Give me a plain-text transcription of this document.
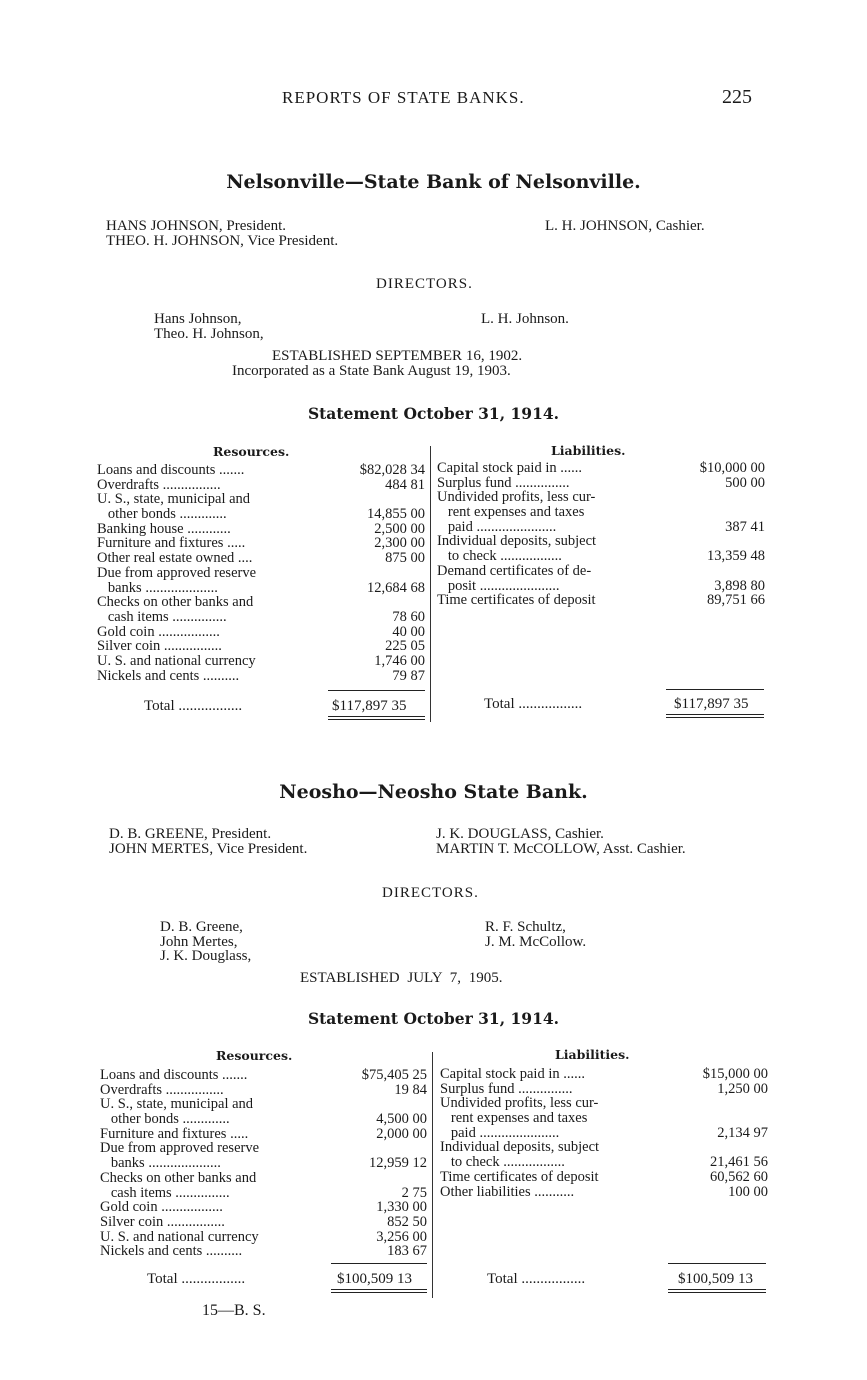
REPORTS OF STATE BANKS.	225
Nelsonville—State Bank of Nelsonville.
HANS JOHNSON, President.
THEO. H. JOHNSON, Vice President.
L. H. JOHNSON, Cashier.
DIRECTORS.
Hans Johnson,
Theo. H. Johnson,
L. H. Johnson.
ESTABLISHED SEPTEMBER 16, 1902.
Incorporated as a State Bank August 19, 1903.
Statement October 31, 1914.
Resources.	Liabilities.
Loans and discounts .......	$82,028 34
Overdrafts ................	484 81
U. S., state, municipal and
other bonds .............	14,855 00
Banking house ............	2,500 00
Furniture and fixtures .....	2,300 00
Other real estate owned ....	875 00
Due from approved reserve
banks ....................	12,684 68
Checks on other banks and
cash items ...............	78 60
Gold coin .................	40 00
Silver coin ................	225 05
U. S. and national currency	1,746 00
Nickels and cents ..........	79 87
Capital stock paid in ......	$10,000 00
Surplus fund ...............	500 00
Undivided profits, less cur-
rent expenses and taxes
paid ......................	387 41
Individual deposits, subject
to check .................	13,359 48
Demand certificates of de-
posit ......................	3,898 80
Time certificates of deposit	89,751 66
Total .................	$117,897 35	Total .................	$117,897 35
Neosho—Neosho State Bank.
D. B. GREENE, President.
JOHN MERTES, Vice President.
J. K. DOUGLASS, Cashier.
MARTIN T. McCOLLOW, Asst. Cashier.
DIRECTORS.
D. B. Greene,
John Mertes,
J. K. Douglass,
R. F. Schultz,
J. M. McCollow.
ESTABLISHED JULY 7, 1905.
Statement October 31, 1914.
Resources.	Liabilities.
Loans and discounts .......	$75,405 25
Overdrafts ................	19 84
U. S., state, municipal and
other bonds .............	4,500 00
Furniture and fixtures .....	2,000 00
Due from approved reserve
banks ....................	12,959 12
Checks on other banks and
cash items ...............	2 75
Gold coin .................	1,330 00
Silver coin ................	852 50
U. S. and national currency	3,256 00
Nickels and cents ..........	183 67
Capital stock paid in ......	$15,000 00
Surplus fund ...............	1,250 00
Undivided profits, less cur-
rent expenses and taxes
paid ......................	2,134 97
Individual deposits, subject
to check .................	21,461 56
Time certificates of deposit	60,562 60
Other liabilities ...........	100 00
Total .................	$100,509 13	Total .................	$100,509 13
15—B. S.
